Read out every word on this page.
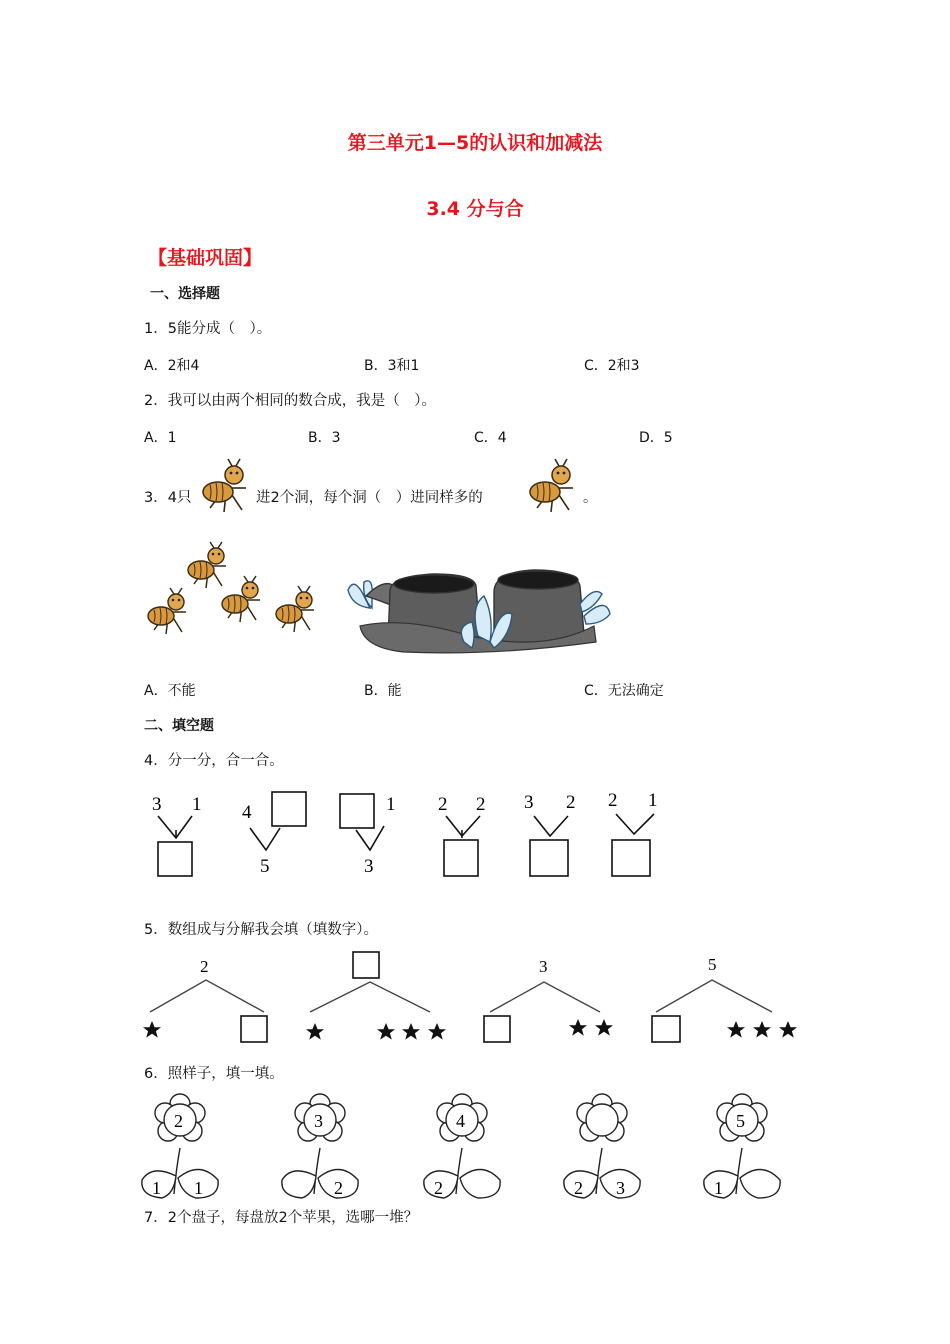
第三单元1—5的认识和加减法
3.4 分与合
【基础巩固】
一、选择题
1．5能分成（　）。
A．2和4	B．3和1	C．2和3
2．我可以由两个相同的数合成，我是（　）。
A．1	B．3	C．4	D．5
3．4只	进2个洞，每个洞（　）进同样多的	。
A．不能	B．能	C．无法确定
二、填空题
4．分一分，合一合。
3 1 4
5
1
3
2 2 3 2 2 1
5．数组成与分解我会填（填数字）。
2	3	5
6．照样子，填一填。
2
1 1
3
2
4
2	2 3
5
1
7．2个盘子，每盘放2个苹果，选哪一堆？
